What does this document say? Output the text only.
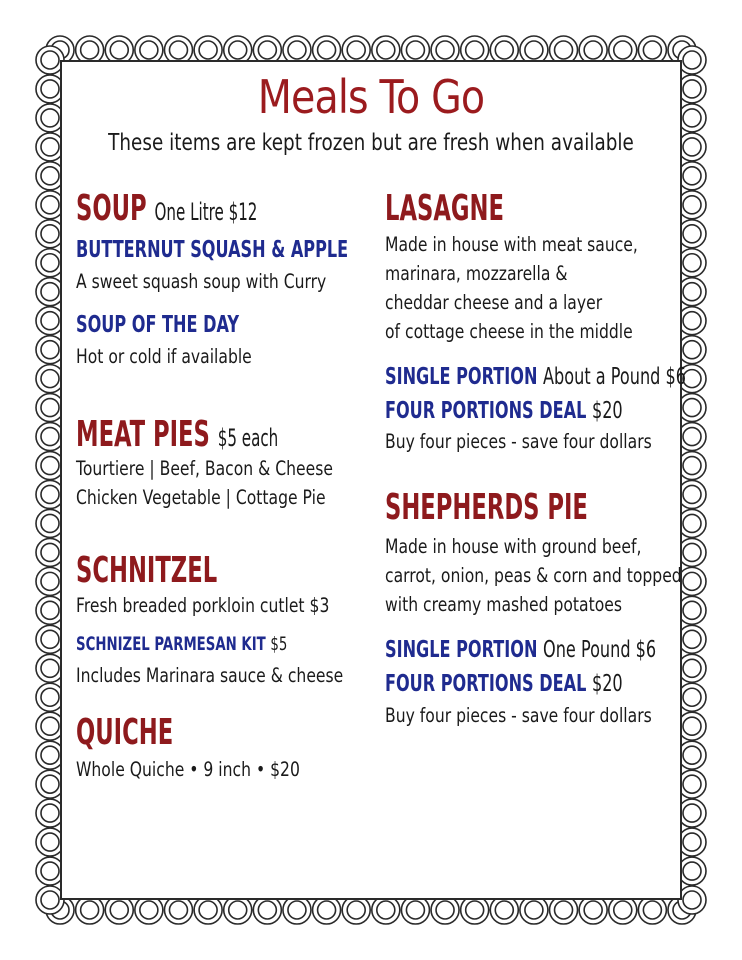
Meals To Go
These items are kept frozen but are fresh when available
SOUP One Litre $12
BUTTERNUT SQUASH & APPLE
A sweet squash soup with Curry
SOUP OF THE DAY
Hot or cold if available
MEAT PIES $5 each
Tourtiere | Beef, Bacon & Cheese
Chicken Vegetable | Cottage Pie
SCHNITZEL
Fresh breaded porkloin cutlet $3
SCHNIZEL PARMESAN KIT $5
Includes Marinara sauce & cheese
QUICHE
Whole Quiche • 9 inch • $20
LASAGNE
Made in house with meat sauce,
marinara, mozzarella &
cheddar cheese and a layer
of cottage cheese in the middle
SINGLE PORTION About a Pound $6
FOUR PORTIONS DEAL $20
Buy four pieces - save four dollars
SHEPHERDS PIE
Made in house with ground beef,
carrot, onion, peas & corn and topped
with creamy mashed potatoes
SINGLE PORTION One Pound $6
FOUR PORTIONS DEAL $20
Buy four pieces - save four dollars
